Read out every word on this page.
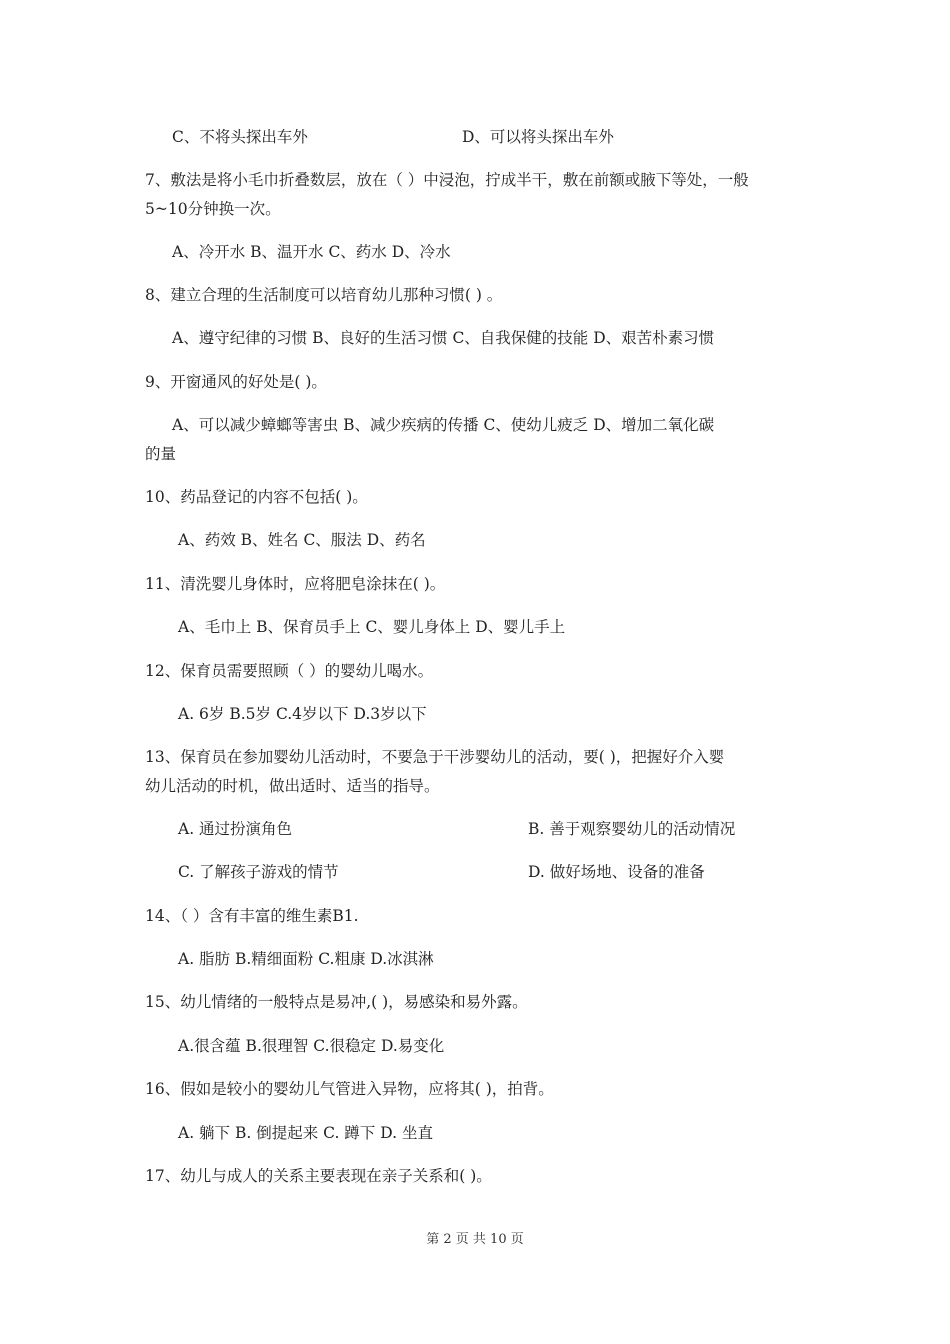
C、不将头探出车外	D、可以将头探出车外
7、敷法是将小毛巾折叠数层，放在（ ）中浸泡，拧成半干，敷在前额或腋下等处，一般
5~10分钟换一次。
A、冷开水 B、温开水 C、药水 D、冷水
8、建立合理的生活制度可以培育幼儿那种习惯( ) 。
A、遵守纪律的习惯 B、良好的生活习惯 C、自我保健的技能 D、艰苦朴素习惯
9、开窗通风的好处是( )。
A、可以减少蟑螂等害虫 B、减少疾病的传播 C、使幼儿疲乏 D、增加二氧化碳
的量
10、药品登记的内容不包括( )。
A、药效 B、姓名 C、服法 D、药名
11、清洗婴儿身体时，应将肥皂涂抹在( )。
A、毛巾上 B、保育员手上 C、婴儿身体上 D、婴儿手上
12、保育员需要照顾（ ）的婴幼儿喝水。
A. 6岁 B.5岁 C.4岁以下 D.3岁以下
13、保育员在参加婴幼儿活动时，不要急于干涉婴幼儿的活动，要( )，把握好介入婴
幼儿活动的时机，做出适时、适当的指导。
A. 通过扮演角色	B. 善于观察婴幼儿的活动情况
C. 了解孩子游戏的情节	D. 做好场地、设备的准备
14、（ ）含有丰富的维生素B1.
A. 脂肪 B.精细面粉 C.粗康 D.冰淇淋
15、幼儿情绪的一般特点是易冲,( )，易感染和易外露。
A.很含蕴 B.很理智 C.很稳定 D.易变化
16、假如是较小的婴幼儿气管进入异物，应将其( )，拍背。
A. 躺下 B. 倒提起来 C. 蹲下 D. 坐直
17、幼儿与成人的关系主要表现在亲子关系和( )。
第 2 页 共 10 页
